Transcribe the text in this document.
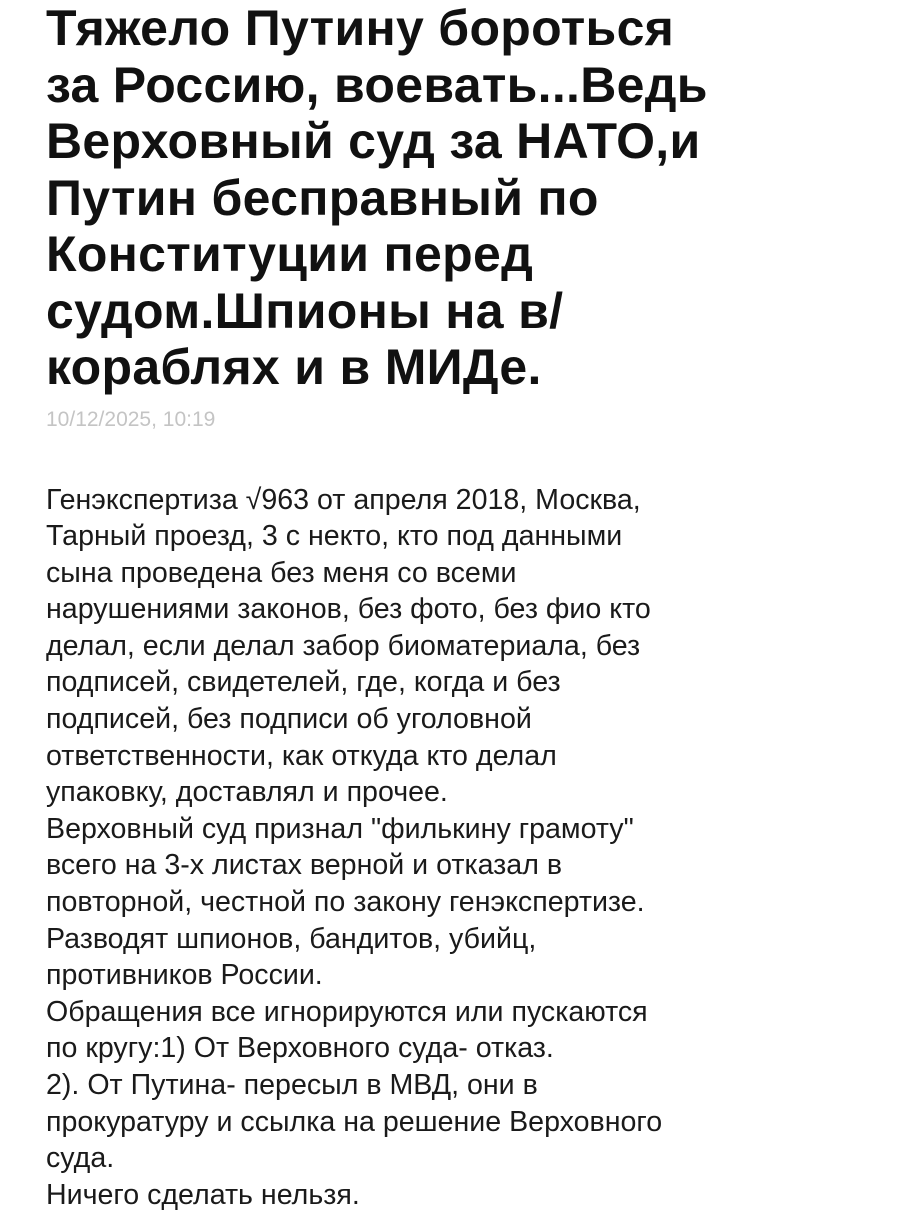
Тяжело Путину бороться
за Россию, воевать...Ведь
Верховный суд за НАТО,и
Путин бесправный по
Конституции перед
судом.Шпионы на в/
кораблях и в МИДе.
10/12/2025, 10:19
Генэкспертиза √963 от апреля 2018, Москва,
Тарный проезд, 3 с некто, кто под данными
сына проведена без меня со всеми
нарушениями законов, без фото, без фио кто
делал, если делал забор биоматериала, без
подписей, свидетелей, где, когда и без
подписей, без подписи об уголовной
ответственности, как откуда кто делал
упаковку, доставлял и прочее.
Верховный суд признал "филькину грамоту"
всего на 3-х листах верной и отказал в
повторной, честной по закону генэкспертизе.
Разводят шпионов, бандитов, убийц,
противников России.
Обращения все игнорируются или пускаются
по кругу:1) От Верховного суда- отказ.
2). От Путина- пересыл в МВД, они в
прокуратуру и ссылка на решение Верховного
суда.
Ничего сделать нельзя.
